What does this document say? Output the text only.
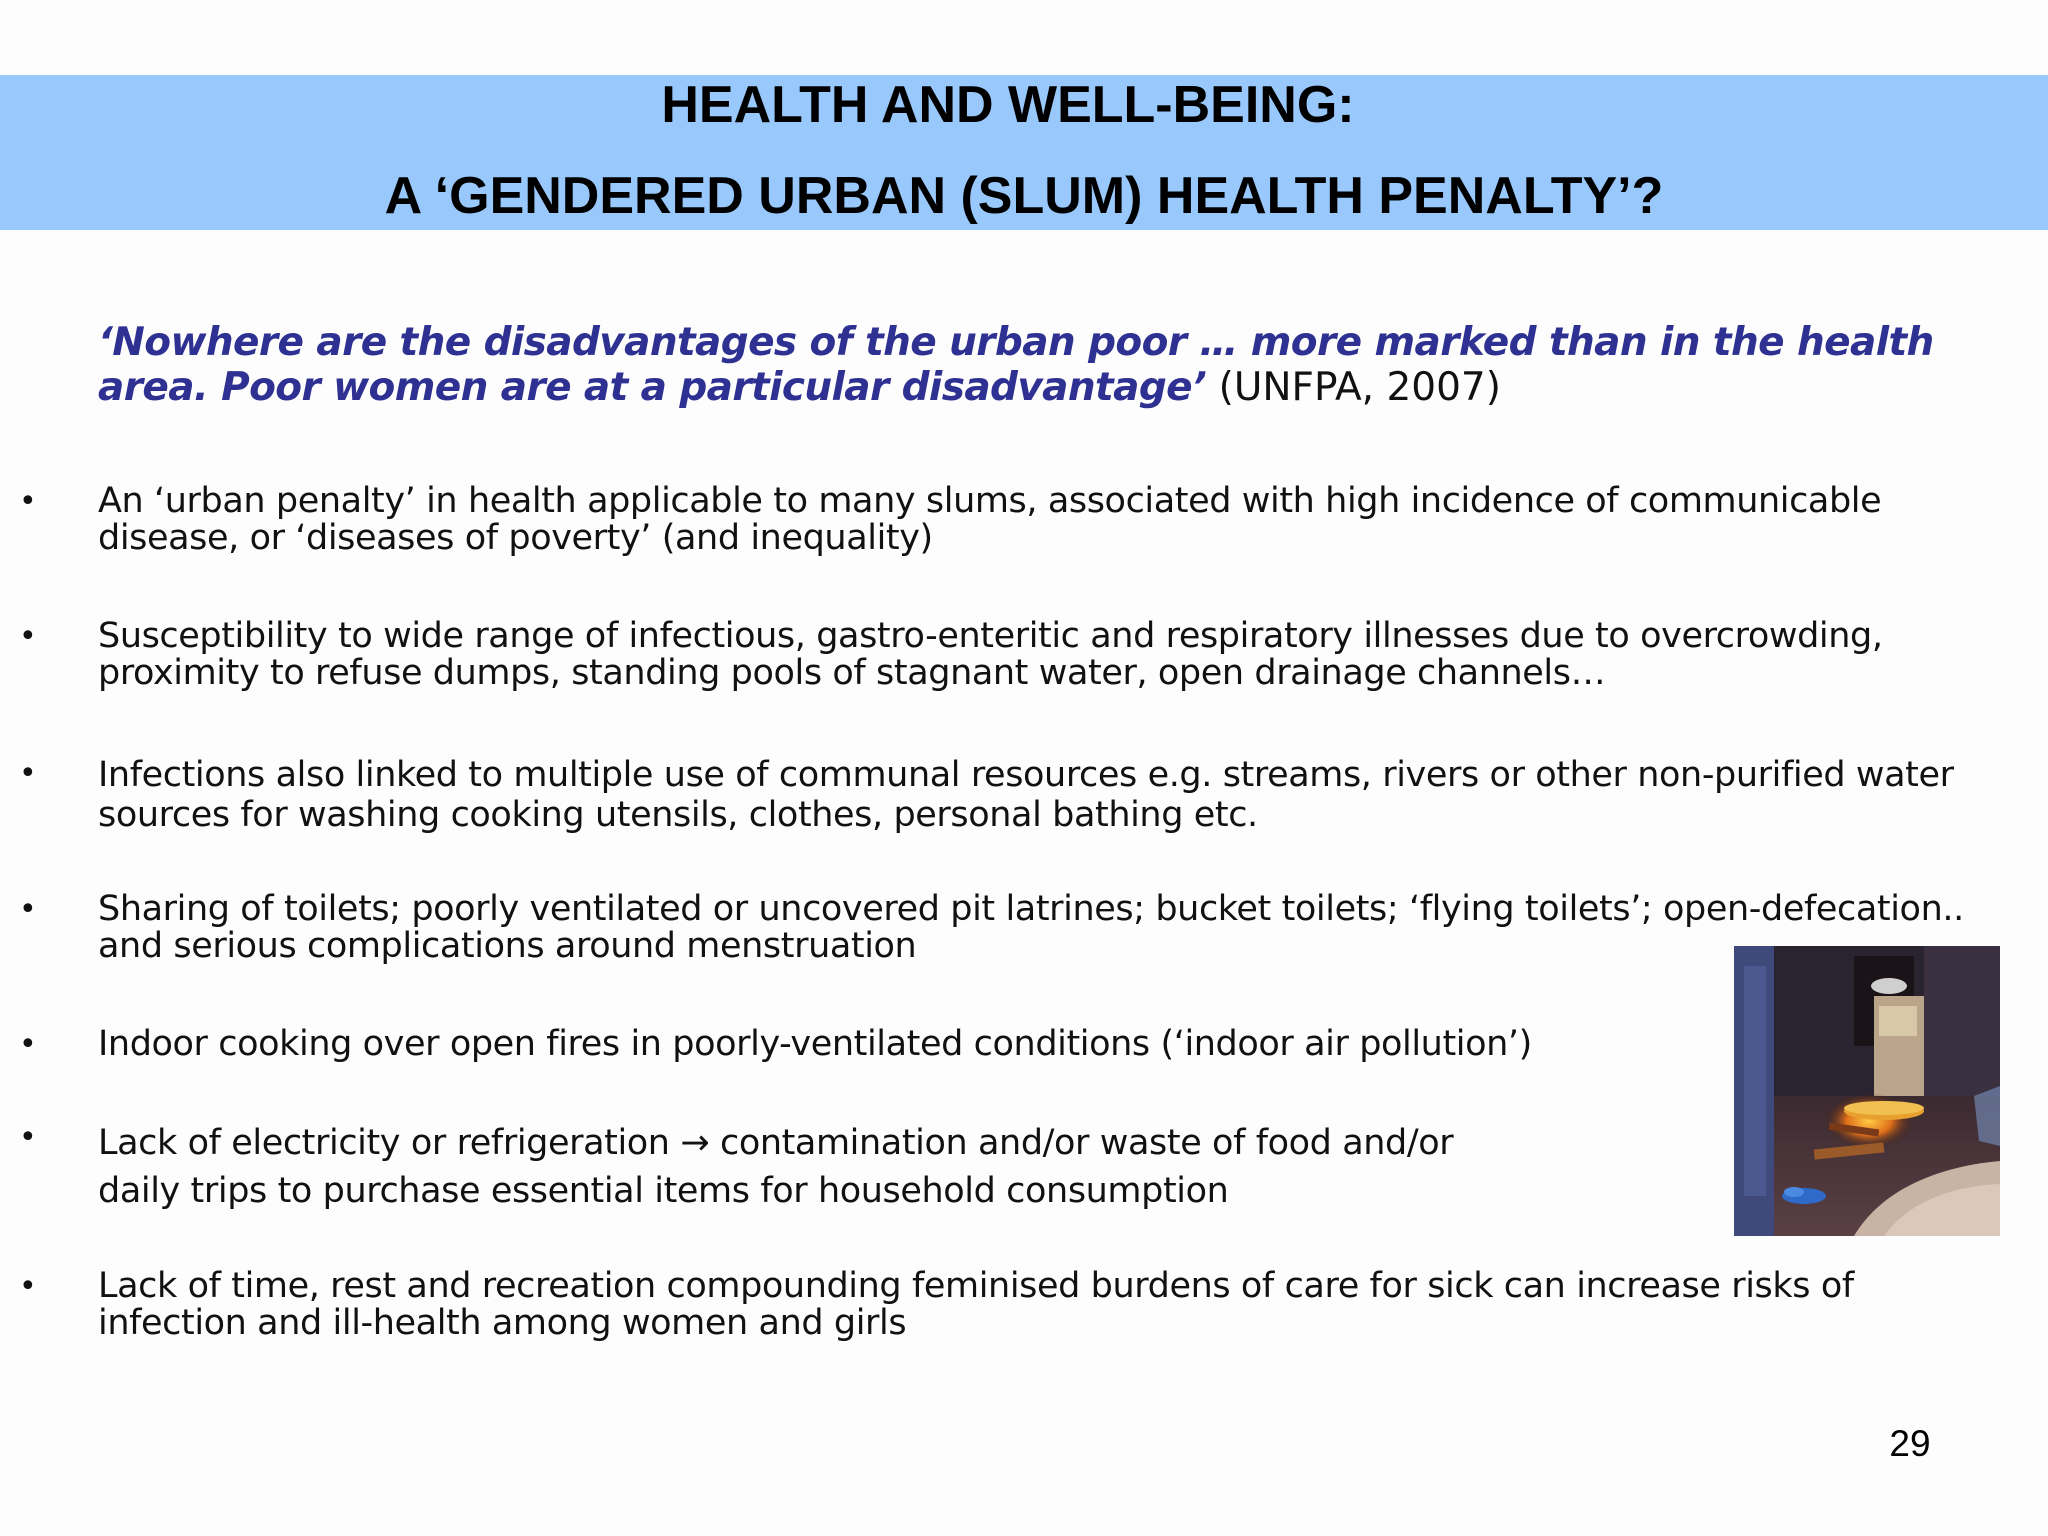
HEALTH AND WELL-BEING:
A ‘GENDERED URBAN (SLUM) HEALTH PENALTY’?
‘Nowhere are the disadvantages of the urban poor … more marked than in the health
area. Poor women are at a particular disadvantage’ (UNFPA, 2007)
• An ‘urban penalty’ in health applicable to many slums, associated with high incidence of communicable
disease, or ‘diseases of poverty’ (and inequality)
• Susceptibility to wide range of infectious, gastro-enteritic and respiratory illnesses due to overcrowding,
proximity to refuse dumps, standing pools of stagnant water, open drainage channels…
• Infections also linked to multiple use of communal resources e.g. streams, rivers or other non-purified water
sources for washing cooking utensils, clothes, personal bathing etc.
• Sharing of toilets; poorly ventilated or uncovered pit latrines; bucket toilets; ‘flying toilets’; open-defecation..
and serious complications around menstruation
• Indoor cooking over open fires in poorly-ventilated conditions (‘indoor air pollution’)
• Lack of electricity or refrigeration → contamination and/or waste of food and/or
daily trips to purchase essential items for household consumption
• Lack of time, rest and recreation compounding feminised burdens of care for sick can increase risks of
infection and ill-health among women and girls
29
